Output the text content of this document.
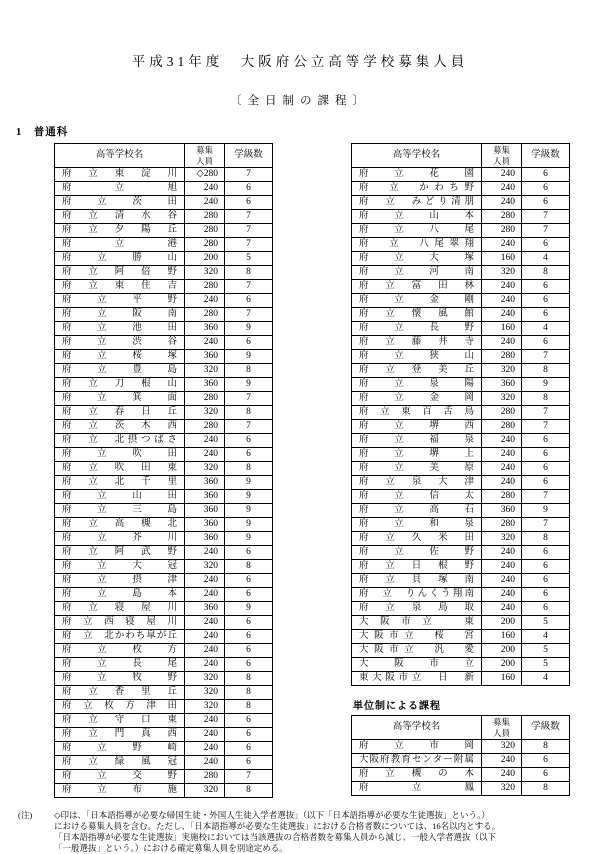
平成31年度　大阪府公立高等学校募集人員
〔全日制の課程〕
1　普通科
高等学校名	募集
人員	学級数
府　立　東　淀　川	◇280	7
府　立　旭	240	6
府　立　茨　田	240	6
府　立　清　水　谷	280	7
府　立　夕　陽　丘	280	7
府　立　港	280	7
府　立　勝　山	200	5
府　立　阿　倍　野	320	8
府　立　東　住　吉	280	7
府　立　平　野	240	6
府　立　阪　南	280	7
府　立　池　田	360	9
府　立　渋　谷	240	6
府　立　桜　塚	360	9
府　立　豊　島	320	8
府　立　刀　根　山	360	9
府　立　箕　面	280	7
府　立　春　日　丘	320	8
府　立　茨　木　西	280	7
府　立　北摂つばさ	240	6
府　立　吹　田	240	6
府　立　吹　田　東	320	8
府　立　北　千　里	360	9
府　立　山　田	360	9
府　立　三　島	360	9
府　立　高　槻　北	360	9
府　立　芥　川	360	9
府　立　阿　武　野	240	6
府　立　大　冠	320	8
府　立　摂　津	240	6
府　立　島　本	240	6
府　立　寝　屋　川	360	9
府　立　西　寝　屋　川	240	6
府　立　北かわち皐が丘	240	6
府　立　枚　方	240	6
府　立　長　尾	240	6
府　立　牧　野	320	8
府　立　香　里　丘	320	8
府　立　枚　方　津　田	320	8
府　立　守　口　東	240	6
府　立　門　真　西	240	6
府　立　野　崎	240	6
府　立　緑　風　冠	240	6
府　立　交　野	280	7
府　立　布　施	320	8
高等学校名	募集
人員	学級数
府　立　花　園	240	6
府　立　かわち野	240	6
府　立　みどり清朋	240	6
府　立　山　本	280	7
府　立　八　尾	280	7
府　立　八尾翠翔	240	6
府　立　大　塚	160	4
府　立　河　南	320	8
府　立　富　田　林	240	6
府　立　金　剛	240	6
府　立　懐　風　館	240	6
府　立　長　野	160	4
府　立　藤　井　寺	240	6
府　立　狭　山	280	7
府　立　登　美　丘	320	8
府　立　泉　陽	360	9
府　立　金　岡	320	8
府　立　東　百　舌　鳥	280	7
府　立　堺　西	280	7
府　立　福　泉	240	6
府　立　堺　上	240	6
府　立　美　原	240	6
府　立　泉　大　津	240	6
府　立　信　太	280	7
府　立　高　石	360	9
府　立　和　泉	280	7
府　立　久　米　田	320	8
府　立　佐　野	240	6
府　立　日　根　野	240	6
府　立　貝　塚　南	240	6
府　立　りんくう翔南	240	6
府　立　泉　鳥　取	240	6
大阪市立　東	200	5
大阪市立　桜　宮	160	4
大阪市立　汎　愛	200	5
大　阪　市　立	200	5
東大阪市立　日　新	160	4
単位制による課程
高等学校名	募集
人員	学級数
府　立　市　岡	320	8
大阪府教育センター附属	240	6
府　立　槻　の　木	240	6
府　立　鳳	320	8
(注)	◇印は、「日本語指導が必要な帰国生徒・外国人生徒入学者選抜」（以下「日本語指導が必要な生徒選抜」という。）
における募集人員を含む。ただし、「日本語指導が必要な生徒選抜」における合格者数については、16名以内とする。
「日本語指導が必要な生徒選抜」実施校においては当該選抜の合格者数を募集人員から減じ、一般入学者選抜（以下
「一般選抜」という。）における確定募集人員を別途定める。
